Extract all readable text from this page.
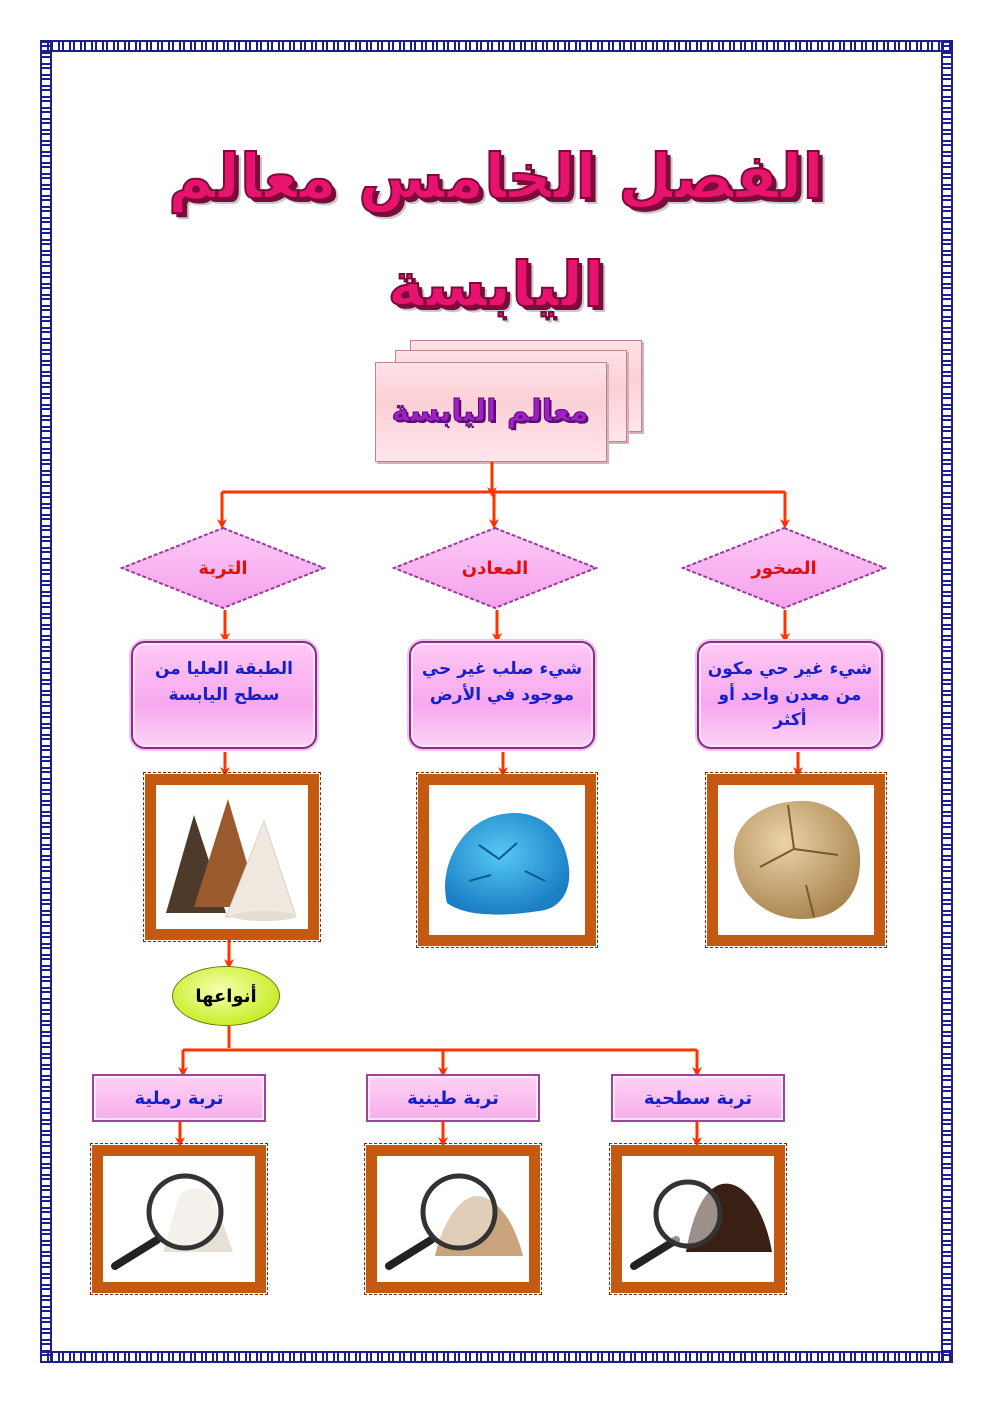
الفصل الخامس معالم
اليابسة
معالم اليابسة
التربة	المعادن	الصخور
الطبقة العليا من سطح اليابسة
شيء صلب غير حي موجود في الأرض
شيء غير حي مكون من معدن واحد أو أكثر
أنواعها
تربة رملية	تربة طينية	تربة سطحية
